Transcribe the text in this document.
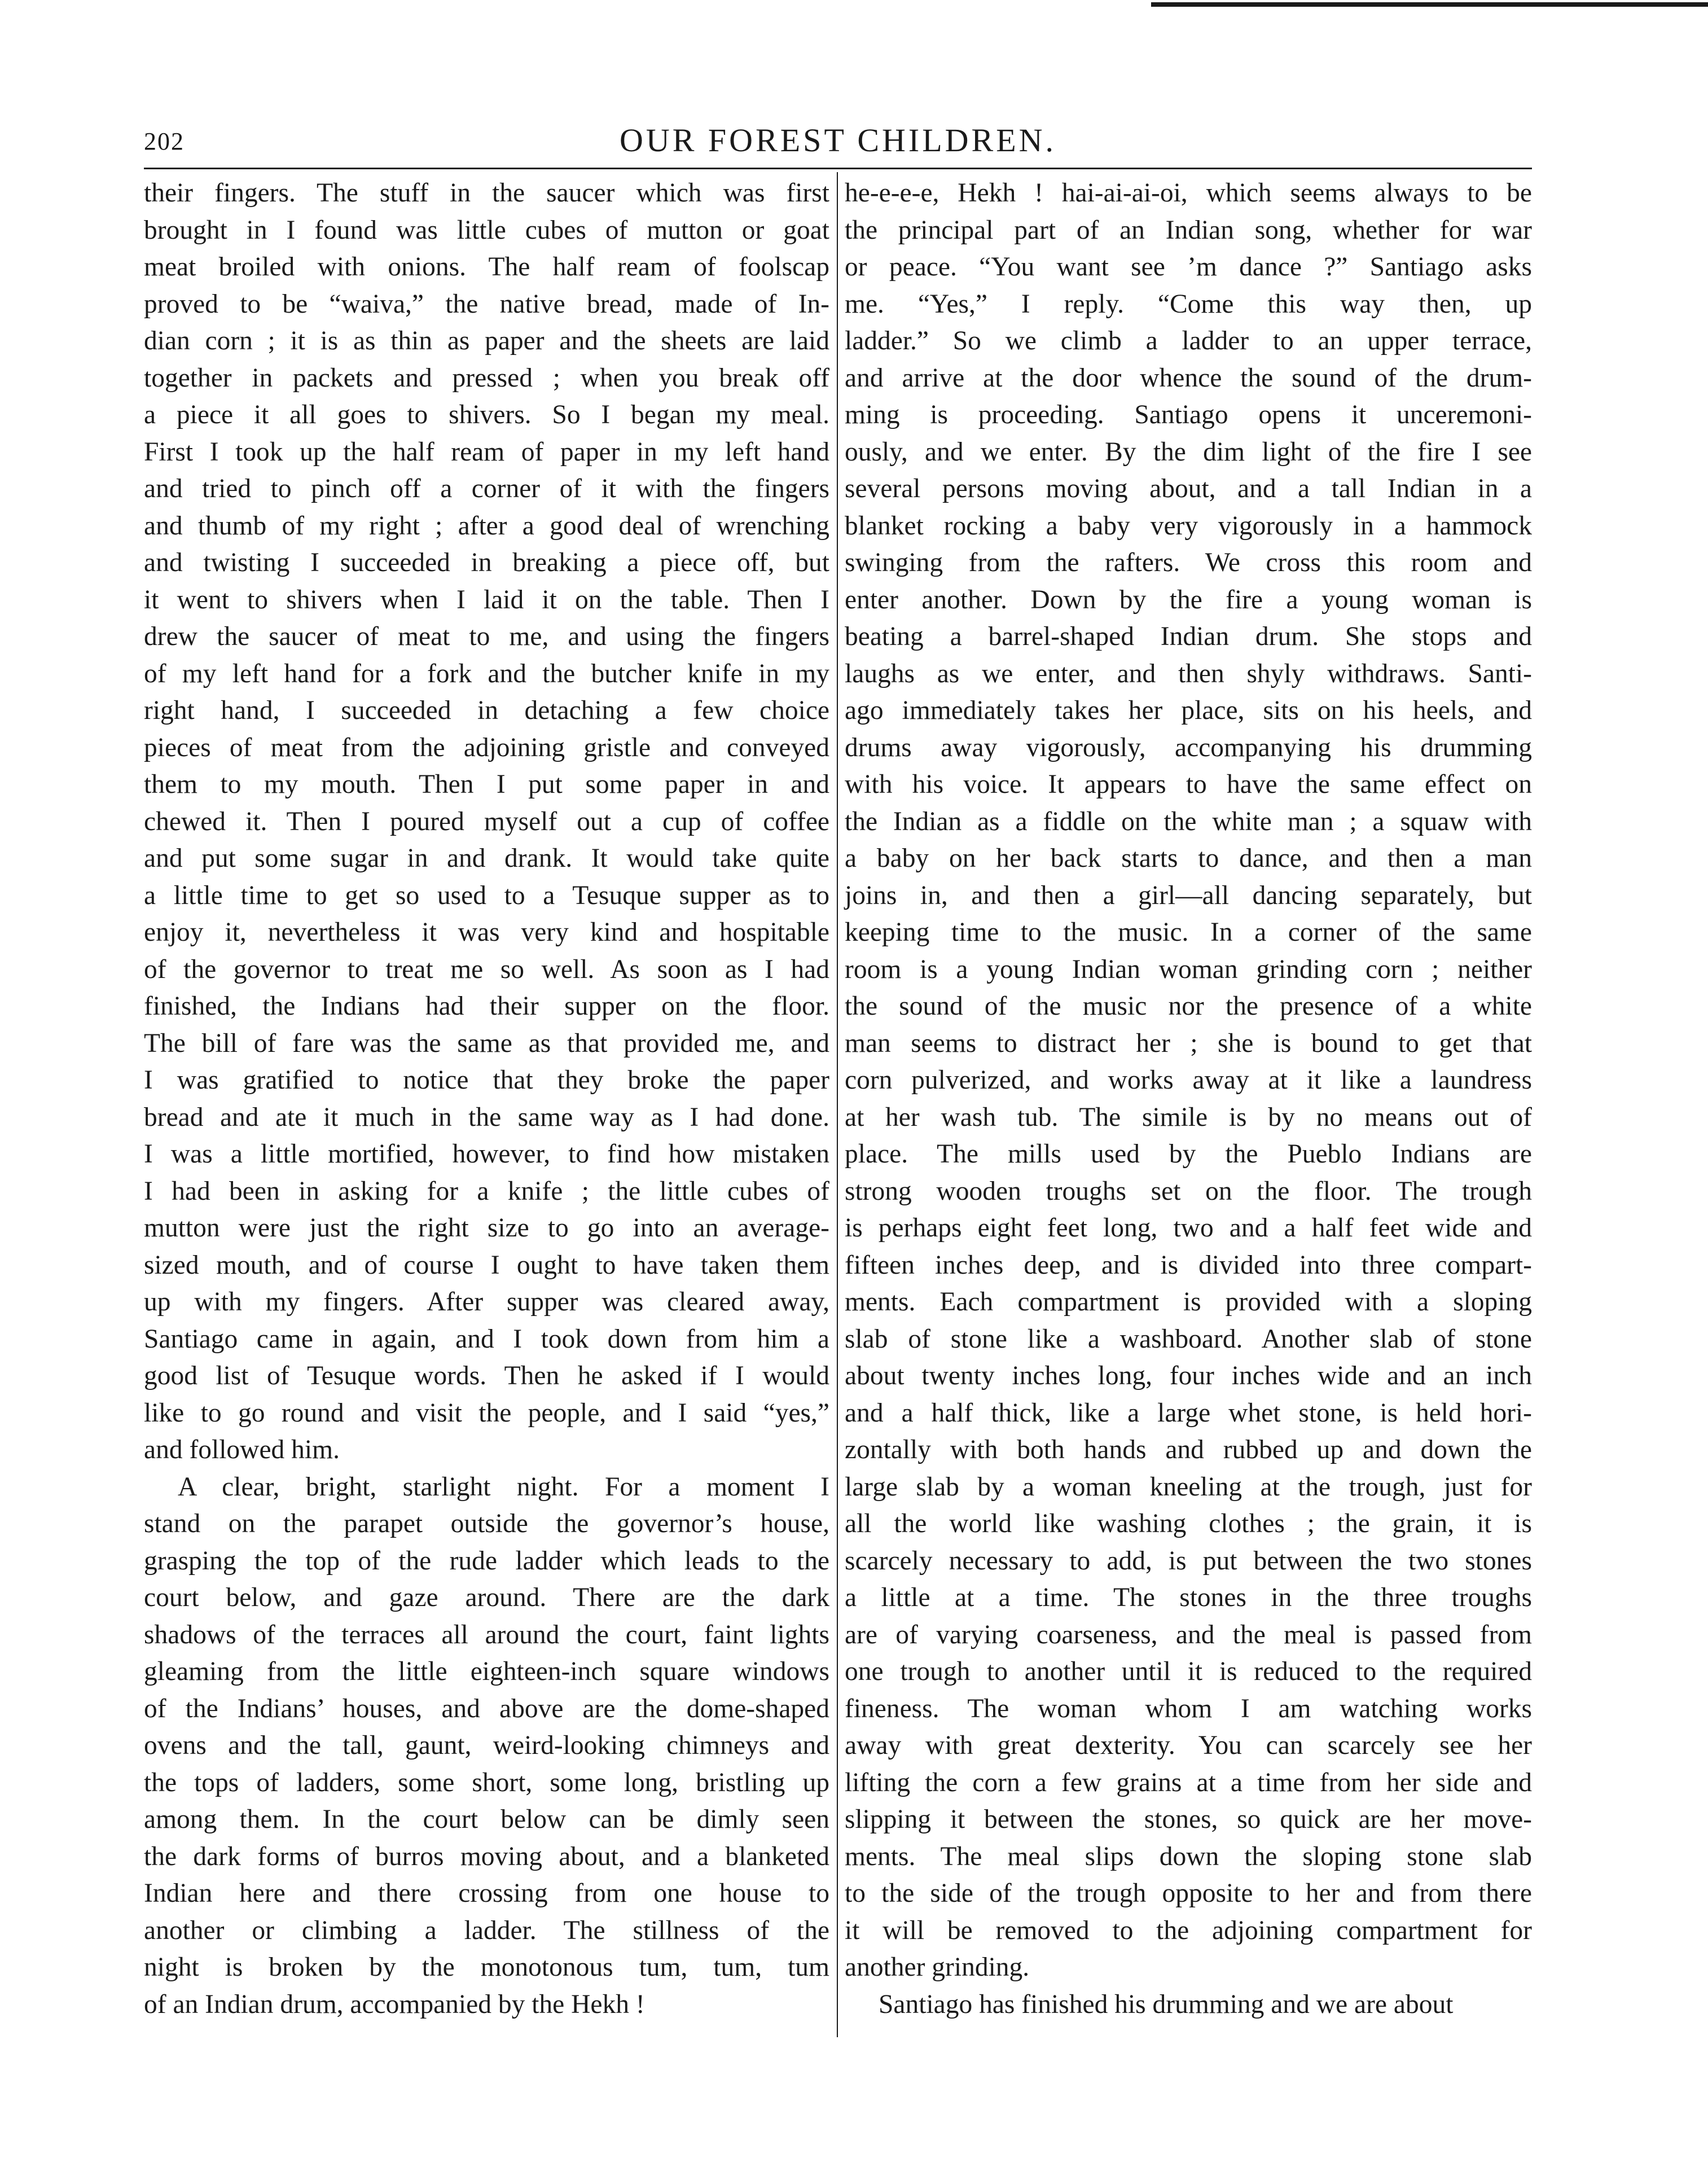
202	OUR FOREST CHILDREN.
their fingers. The stuff in the saucer which was first
brought in I found was little cubes of mutton or goat
meat broiled with onions. The half ream of foolscap
proved to be “waiva,” the native bread, made of In-
dian corn ; it is as thin as paper and the sheets are laid
together in packets and pressed ; when you break off
a piece it all goes to shivers. So I began my meal.
First I took up the half ream of paper in my left hand
and tried to pinch off a corner of it with the fingers
and thumb of my right ; after a good deal of wrenching
and twisting I succeeded in breaking a piece off, but
it went to shivers when I laid it on the table. Then I
drew the saucer of meat to me, and using the fingers
of my left hand for a fork and the butcher knife in my
right hand, I succeeded in detaching a few choice
pieces of meat from the adjoining gristle and conveyed
them to my mouth. Then I put some paper in and
chewed it. Then I poured myself out a cup of coffee
and put some sugar in and drank. It would take quite
a little time to get so used to a Tesuque supper as to
enjoy it, nevertheless it was very kind and hospitable
of the governor to treat me so well. As soon as I had
finished, the Indians had their supper on the floor.
The bill of fare was the same as that provided me, and
I was gratified to notice that they broke the paper
bread and ate it much in the same way as I had done.
I was a little mortified, however, to find how mistaken
I had been in asking for a knife ; the little cubes of
mutton were just the right size to go into an average-
sized mouth, and of course I ought to have taken them
up with my fingers. After supper was cleared away,
Santiago came in again, and I took down from him a
good list of Tesuque words. Then he asked if I would
like to go round and visit the people, and I said “yes,”
and followed him.
A clear, bright, starlight night. For a moment I
stand on the parapet outside the governor’s house,
grasping the top of the rude ladder which leads to the
court below, and gaze around. There are the dark
shadows of the terraces all around the court, faint lights
gleaming from the little eighteen-inch square windows
of the Indians’ houses, and above are the dome-shaped
ovens and the tall, gaunt, weird-looking chimneys and
the tops of ladders, some short, some long, bristling up
among them. In the court below can be dimly seen
the dark forms of burros moving about, and a blanketed
Indian here and there crossing from one house to
another or climbing a ladder. The stillness of the
night is broken by the monotonous tum, tum, tum
of an Indian drum, accompanied by the Hekh !
he-e-e-e, Hekh ! hai-ai-ai-oi, which seems always to be
the principal part of an Indian song, whether for war
or peace. “You want see ’m dance ?” Santiago asks
me. “Yes,” I reply. “Come this way then, up
ladder.” So we climb a ladder to an upper terrace,
and arrive at the door whence the sound of the drum-
ming is proceeding. Santiago opens it unceremoni-
ously, and we enter. By the dim light of the fire I see
several persons moving about, and a tall Indian in a
blanket rocking a baby very vigorously in a hammock
swinging from the rafters. We cross this room and
enter another. Down by the fire a young woman is
beating a barrel-shaped Indian drum. She stops and
laughs as we enter, and then shyly withdraws. Santi-
ago immediately takes her place, sits on his heels, and
drums away vigorously, accompanying his drumming
with his voice. It appears to have the same effect on
the Indian as a fiddle on the white man ; a squaw with
a baby on her back starts to dance, and then a man
joins in, and then a girl—all dancing separately, but
keeping time to the music. In a corner of the same
room is a young Indian woman grinding corn ; neither
the sound of the music nor the presence of a white
man seems to distract her ; she is bound to get that
corn pulverized, and works away at it like a laundress
at her wash tub. The simile is by no means out of
place. The mills used by the Pueblo Indians are
strong wooden troughs set on the floor. The trough
is perhaps eight feet long, two and a half feet wide and
fifteen inches deep, and is divided into three compart-
ments. Each compartment is provided with a sloping
slab of stone like a washboard. Another slab of stone
about twenty inches long, four inches wide and an inch
and a half thick, like a large whet stone, is held hori-
zontally with both hands and rubbed up and down the
large slab by a woman kneeling at the trough, just for
all the world like washing clothes ; the grain, it is
scarcely necessary to add, is put between the two stones
a little at a time. The stones in the three troughs
are of varying coarseness, and the meal is passed from
one trough to another until it is reduced to the required
fineness. The woman whom I am watching works
away with great dexterity. You can scarcely see her
lifting the corn a few grains at a time from her side and
slipping it between the stones, so quick are her move-
ments. The meal slips down the sloping stone slab
to the side of the trough opposite to her and from there
it will be removed to the adjoining compartment for
another grinding.
Santiago has finished his drumming and we are about
